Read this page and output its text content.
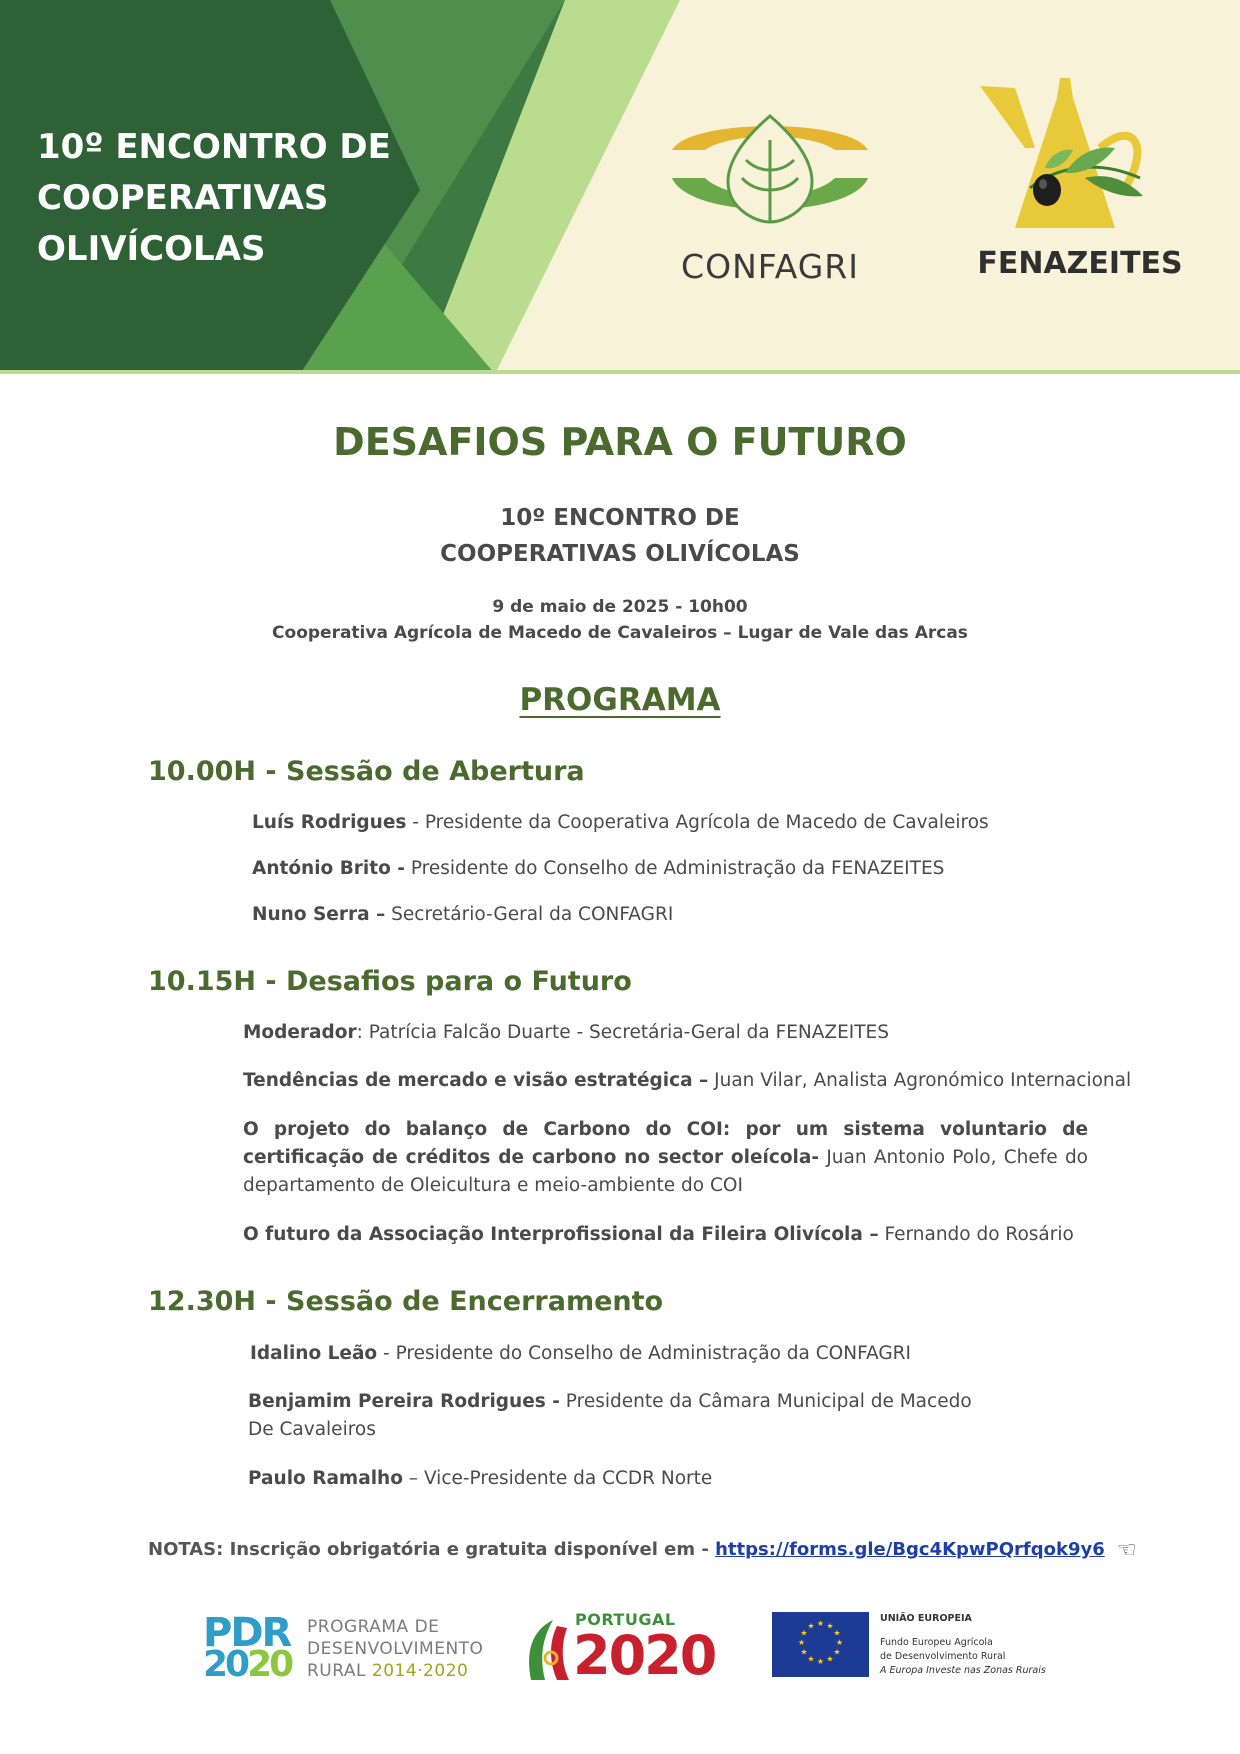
10º ENCONTRO DE
COOPERATIVAS
OLIVÍCOLAS	CONFAGRI	FENAZEITES
DESAFIOS PARA O FUTURO
10º ENCONTRO DE
COOPERATIVAS OLIVÍCOLAS
9 de maio de 2025 - 10h00
Cooperativa Agrícola de Macedo de Cavaleiros – Lugar de Vale das Arcas
PROGRAMA
10.00H - Sessão de Abertura
Luís Rodrigues - Presidente da Cooperativa Agrícola de Macedo de Cavaleiros
António Brito - Presidente do Conselho de Administração da FENAZEITES
Nuno Serra – Secretário-Geral da CONFAGRI
10.15H - Desafios para o Futuro
Moderador: Patrícia Falcão Duarte - Secretária-Geral da FENAZEITES
Tendências de mercado e visão estratégica – Juan Vilar, Analista Agronómico Internacional
O projeto do balanço de Carbono do COI: por um sistema voluntario de certificação de créditos de carbono no sector oleícola- Juan Antonio Polo, Chefe do departamento de Oleicultura e meio-ambiente do COI
O futuro da Associação Interprofissional da Fileira Olivícola – Fernando do Rosário
12.30H - Sessão de Encerramento
Idalino Leão - Presidente do Conselho de Administração da CONFAGRI
Benjamim Pereira Rodrigues - Presidente da Câmara Municipal de Macedo
De Cavaleiros
Paulo Ramalho – Vice-Presidente da CCDR Norte
NOTAS: Inscrição obrigatória e gratuita disponível em - https://forms.gle/Bgc4KpwPQrfqok9y6 ☜
PDR
2020
PROGRAMA DE
DESENVOLVIMENTO
RURAL 2014·2020
PORTUGAL
2020
★ ★
★
★
★
★
★
★
★
★
★
★
UNIÃO EUROPEIA
Fundo Europeu Agrícola
de Desenvolvimento Rural
A Europa Investe nas Zonas Rurais
